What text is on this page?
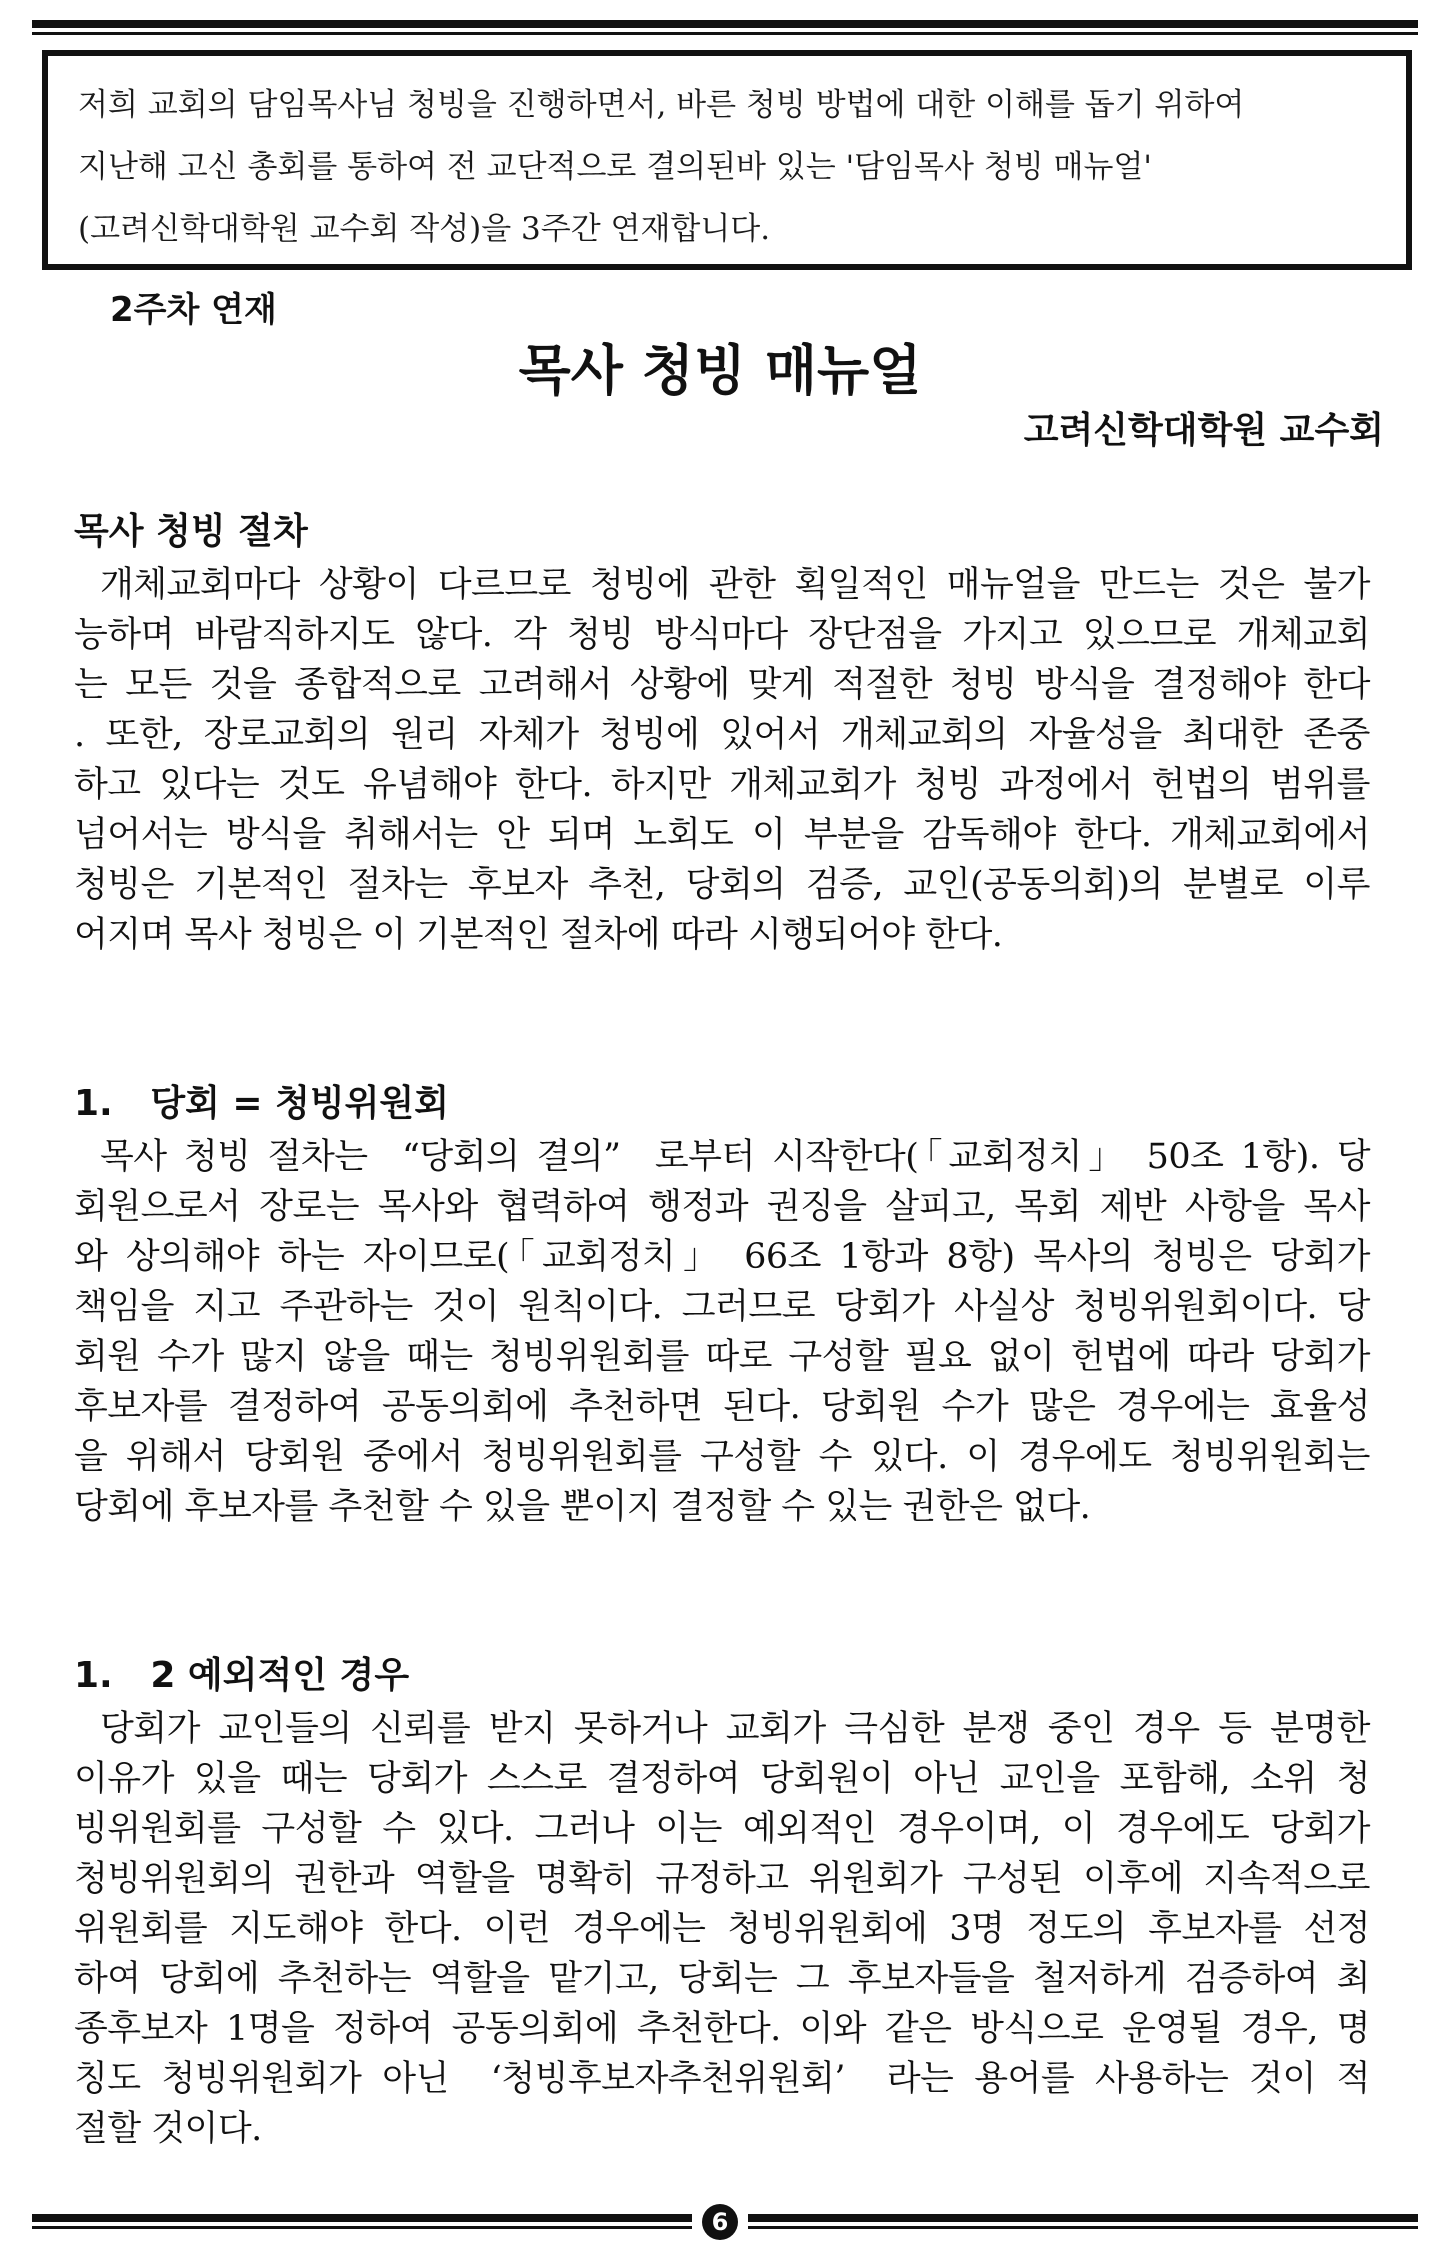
저희 교회의 담임목사님 청빙을 진행하면서, 바른 청빙 방법에 대한 이해를 돕기 위하여
지난해 고신 총회를 통하여 전 교단적으로 결의된바 있는 '담임목사 청빙 매뉴얼'
(고려신학대학원 교수회 작성)을 3주간 연재합니다.
2주차 연재
목사 청빙 매뉴얼
고려신학대학원 교수회
목사 청빙 절차
개체교회마다 상황이 다르므로 청빙에 관한 획일적인 매뉴얼을 만드는 것은 불가
능하며 바람직하지도 않다. 각 청빙 방식마다 장단점을 가지고 있으므로 개체교회
는 모든 것을 종합적으로 고려해서 상황에 맞게 적절한 청빙 방식을 결정해야 한다
. 또한, 장로교회의 원리 자체가 청빙에 있어서 개체교회의 자율성을 최대한 존중
하고 있다는 것도 유념해야 한다. 하지만 개체교회가 청빙 과정에서 헌법의 범위를
넘어서는 방식을 취해서는 안 되며 노회도 이 부분을 감독해야 한다. 개체교회에서
청빙은 기본적인 절차는 후보자 추천, 당회의 검증, 교인(공동의회)의 분별로 이루
어지며 목사 청빙은 이 기본적인 절차에 따라 시행되어야 한다.
1.   당회 = 청빙위원회
목사 청빙 절차는  “당회의 결의”  로부터 시작한다(「교회정치」 50조 1항). 당
회원으로서 장로는 목사와 협력하여 행정과 권징을 살피고, 목회 제반 사항을 목사
와 상의해야 하는 자이므로(「교회정치」 66조 1항과 8항) 목사의 청빙은 당회가
책임을 지고 주관하는 것이 원칙이다. 그러므로 당회가 사실상 청빙위원회이다. 당
회원 수가 많지 않을 때는 청빙위원회를 따로 구성할 필요 없이 헌법에 따라 당회가
후보자를 결정하여 공동의회에 추천하면 된다. 당회원 수가 많은 경우에는 효율성
을 위해서 당회원 중에서 청빙위원회를 구성할 수 있다. 이 경우에도 청빙위원회는
당회에 후보자를 추천할 수 있을 뿐이지 결정할 수 있는 권한은 없다.
1.   2 예외적인 경우
당회가 교인들의 신뢰를 받지 못하거나 교회가 극심한 분쟁 중인 경우 등 분명한
이유가 있을 때는 당회가 스스로 결정하여 당회원이 아닌 교인을 포함해, 소위 청
빙위원회를 구성할 수 있다. 그러나 이는 예외적인 경우이며, 이 경우에도 당회가
청빙위원회의 권한과 역할을 명확히 규정하고 위원회가 구성된 이후에 지속적으로
위원회를 지도해야 한다. 이런 경우에는 청빙위원회에 3명 정도의 후보자를 선정
하여 당회에 추천하는 역할을 맡기고, 당회는 그 후보자들을 철저하게 검증하여 최
종후보자 1명을 정하여 공동의회에 추천한다. 이와 같은 방식으로 운영될 경우, 명
칭도 청빙위원회가 아닌  ‘청빙후보자추천위원회’  라는 용어를 사용하는 것이 적
절할 것이다.
6
